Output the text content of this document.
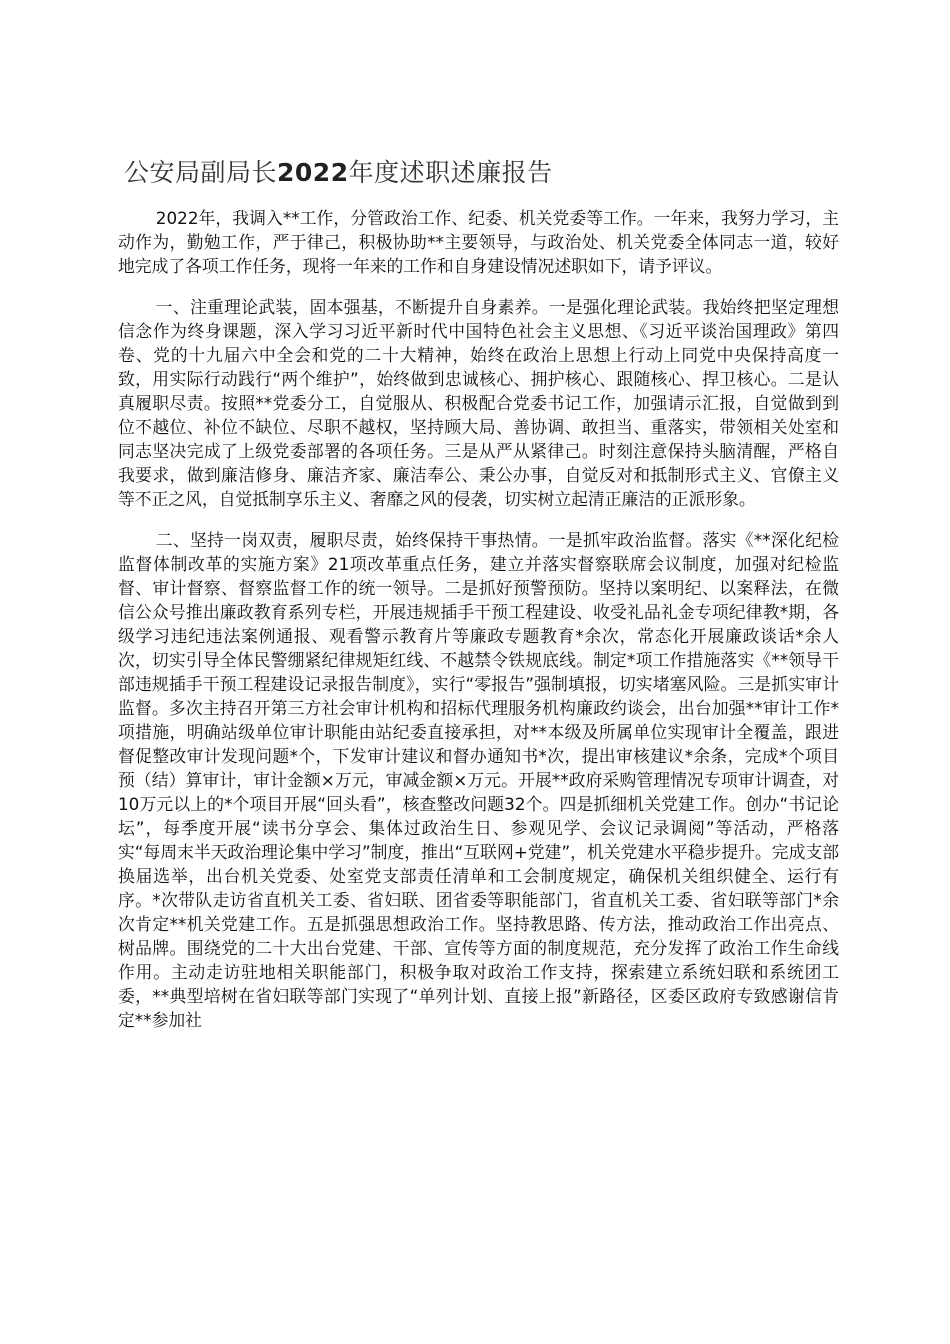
公安局副局长2022年度述职述廉报告

2022年，我调入**工作，分管政治工作、纪委、机关党委等工作。一年来，我努力学习，主动作为，勤勉工作，严于律己，积极协助**主要领导，与政治处、机关党委全体同志一道，较好地完成了各项工作任务，现将一年来的工作和自身建设情况述职如下，请予评议。

一、注重理论武装，固本强基，不断提升自身素养。一是强化理论武装。我始终把坚定理想信念作为终身课题，深入学习习近平新时代中国特色社会主义思想、《习近平谈治国理政》第四卷、党的十九届六中全会和党的二十大精神，始终在政治上思想上行动上同党中央保持高度一致，用实际行动践行“两个维护”，始终做到忠诚核心、拥护核心、跟随核心、捍卫核心。二是认真履职尽责。按照**党委分工，自觉服从、积极配合党委书记工作，加强请示汇报，自觉做到到位不越位、补位不缺位、尽职不越权，坚持顾大局、善协调、敢担当、重落实，带领相关处室和同志坚决完成了上级党委部署的各项任务。三是从严从紧律己。时刻注意保持头脑清醒，严格自我要求，做到廉洁修身、廉洁齐家、廉洁奉公、秉公办事，自觉反对和抵制形式主义、官僚主义等不正之风，自觉抵制享乐主义、奢靡之风的侵袭，切实树立起清正廉洁的正派形象。

二、坚持一岗双责，履职尽责，始终保持干事热情。一是抓牢政治监督。落实《**深化纪检监督体制改革的实施方案》21项改革重点任务，建立并落实督察联席会议制度，加强对纪检监督、审计督察、督察监督工作的统一领导。二是抓好预警预防。坚持以案明纪、以案释法，在微信公众号推出廉政教育系列专栏，开展违规插手干预工程建设、收受礼品礼金专项纪律教*期，各级学习违纪违法案例通报、观看警示教育片等廉政专题教育*余次，常态化开展廉政谈话*余人次，切实引导全体民警绷紧纪律规矩红线、不越禁令铁规底线。制定*项工作措施落实《**领导干部违规插手干预工程建设记录报告制度》，实行“零报告”强制填报，切实堵塞风险。三是抓实审计监督。多次主持召开第三方社会审计机构和招标代理服务机构廉政约谈会，出台加强**审计工作*项措施，明确站级单位审计职能由站纪委直接承担，对**本级及所属单位实现审计全覆盖，跟进督促整改审计发现问题*个，下发审计建议和督办通知书*次，提出审核建议*余条，完成*个项目预（结）算审计，审计金额×万元，审减金额×万元。开展**政府采购管理情况专项审计调查，对10万元以上的*个项目开展“回头看”，核查整改问题32个。四是抓细机关党建工作。创办“书记论坛”，每季度开展“读书分享会、集体过政治生日、参观见学、会议记录调阅”等活动，严格落实“每周末半天政治理论集中学习”制度，推出“互联网+党建”，机关党建水平稳步提升。完成支部换届选举，出台机关党委、处室党支部责任清单和工会制度规定，确保机关组织健全、运行有序。*次带队走访省直机关工委、省妇联、团省委等职能部门，省直机关工委、省妇联等部门*余次肯定**机关党建工作。五是抓强思想政治工作。坚持教思路、传方法，推动政治工作出亮点、树品牌。围绕党的二十大出台党建、干部、宣传等方面的制度规范，充分发挥了政治工作生命线作用。主动走访驻地相关职能部门，积极争取对政治工作支持，探索建立系统妇联和系统团工委，**典型培树在省妇联等部门实现了“单列计划、直接上报”新路径，区委区政府专致感谢信肯定**参加社
